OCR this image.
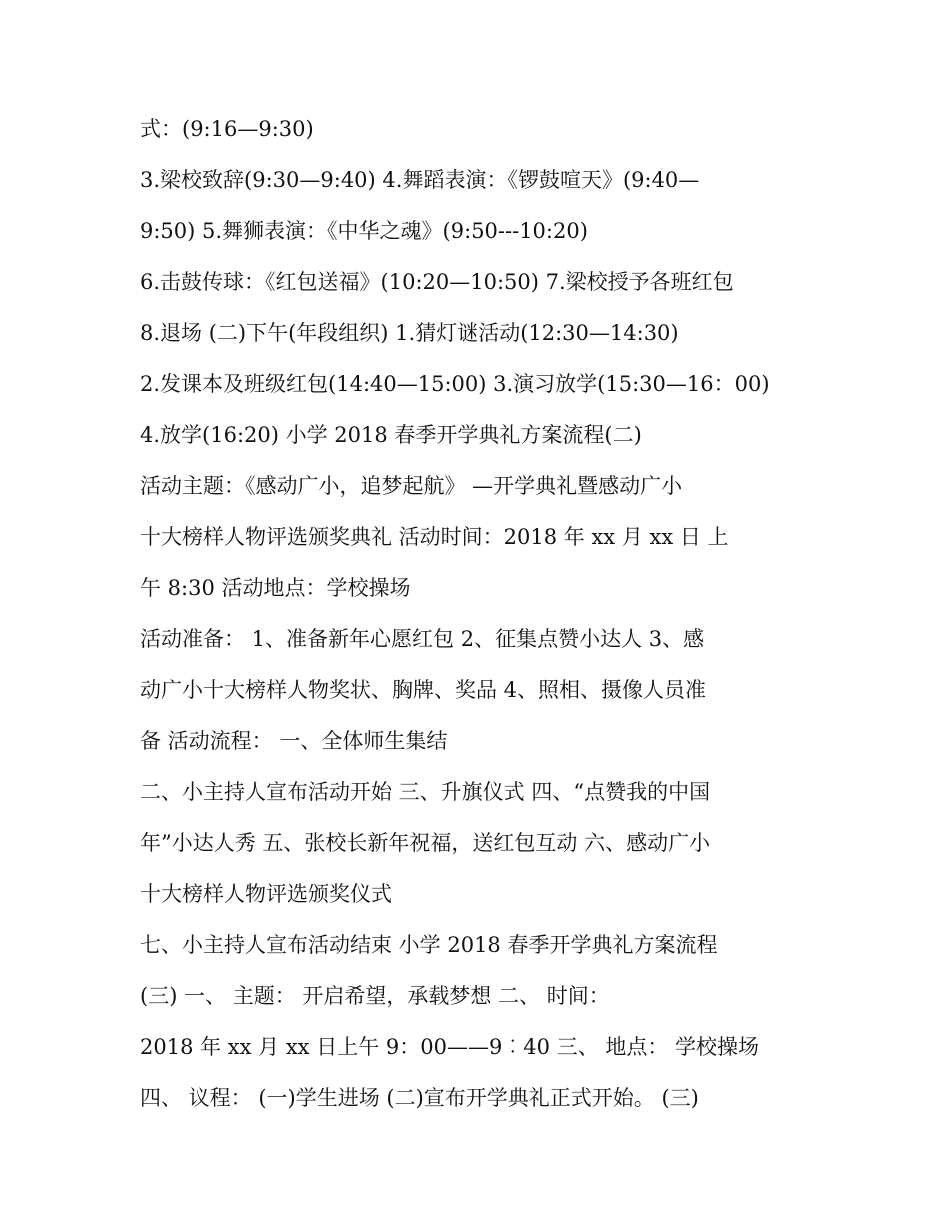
式：(9:16—9:30)
3.梁校致辞(9:30—9:40) 4.舞蹈表演：《锣鼓喧天》(9:40—
9:50) 5.舞狮表演：《中华之魂》(9:50---10:20)
6.击鼓传球：《红包送福》(10:20—10:50) 7.梁校授予各班红包
8.退场 (二)下午(年段组织) 1.猜灯谜活动(12:30—14:30)
2.发课本及班级红包(14:40—15:00) 3.演习放学(15:30—16：00)
4.放学(16:20) 小学 2018 春季开学典礼方案流程(二)
活动主题：《感动广小，追梦起航》 —开学典礼暨感动广小
十大榜样人物评选颁奖典礼 活动时间：2018 年 xx 月 xx 日 上
午 8:30 活动地点：学校操场
活动准备： 1、准备新年心愿红包 2、征集点赞小达人 3、感
动广小十大榜样人物奖状、胸牌、奖品 4、照相、摄像人员准
备 活动流程： 一、全体师生集结
二、小主持人宣布活动开始 三、升旗仪式 四、“点赞我的中国
年”小达人秀 五、张校长新年祝福，送红包互动 六、感动广小
十大榜样人物评选颁奖仪式
七、小主持人宣布活动结束 小学 2018 春季开学典礼方案流程
(三) 一、 主题： 开启希望，承载梦想 二、 时间：
2018 年 xx 月 xx 日上午 9：00——9︰40 三、 地点： 学校操场
四、 议程： (一)学生进场 (二)宣布开学典礼正式开始。 (三)
